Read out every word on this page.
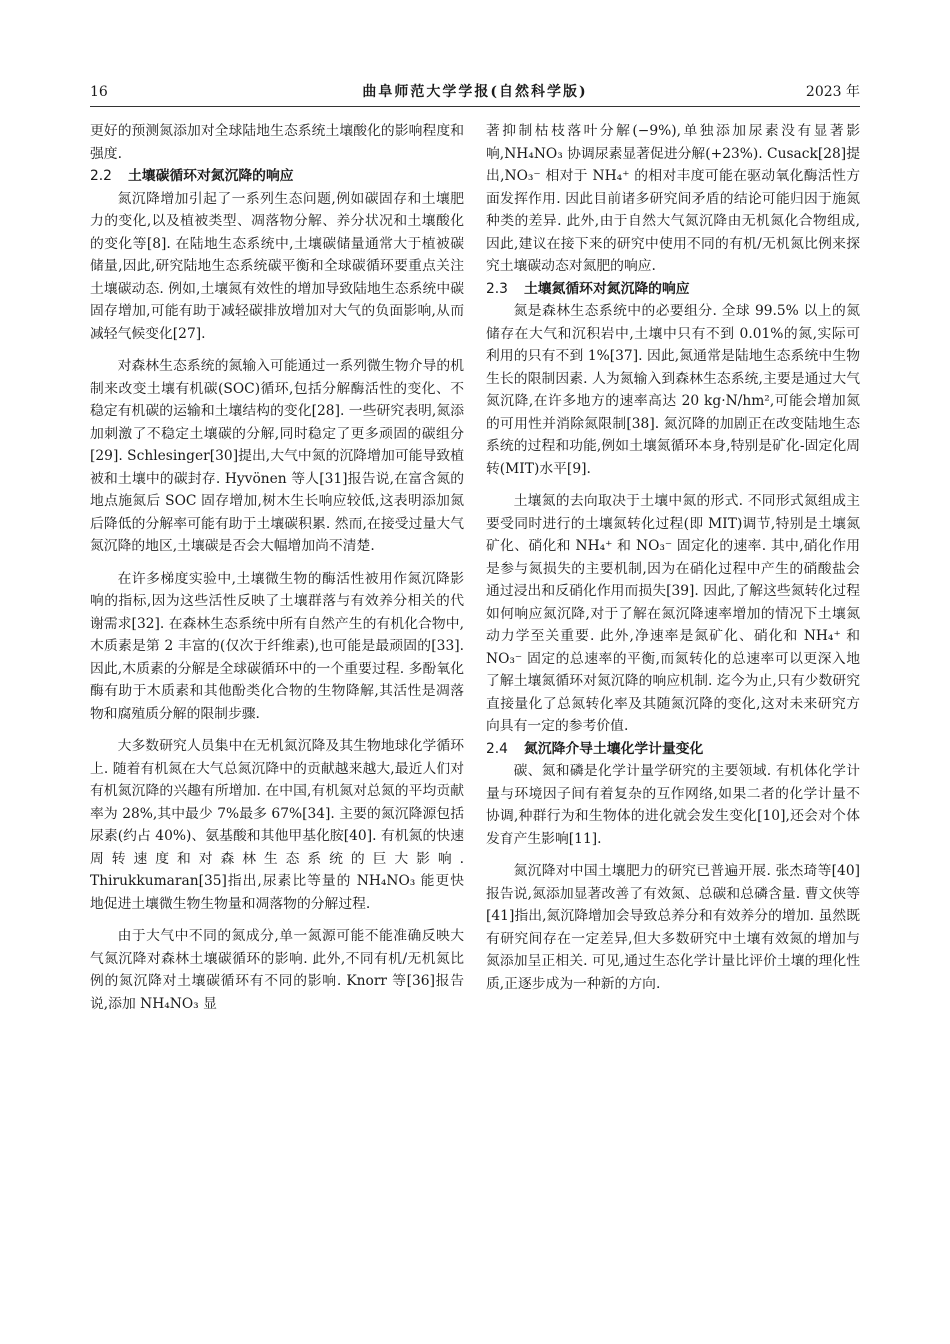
曲阜师范大学学报(自然科学版)
16	2023 年

更好的预测氮添加对全球陆地生态系统土壤酸化的影响程度和强度.

2.2 土壤碳循环对氮沉降的响应

氮沉降增加引起了一系列生态问题,例如碳固存和土壤肥力的变化,以及植被类型、凋落物分解、养分状况和土壤酸化的变化等[8]. 在陆地生态系统中,土壤碳储量通常大于植被碳储量,因此,研究陆地生态系统碳平衡和全球碳循环要重点关注土壤碳动态. 例如,土壤氮有效性的增加导致陆地生态系统中碳固存增加,可能有助于减轻碳排放增加对大气的负面影响,从而减轻气候变化[27].

对森林生态系统的氮输入可能通过一系列微生物介导的机制来改变土壤有机碳(SOC)循环,包括分解酶活性的变化、不稳定有机碳的运输和土壤结构的变化[28]. 一些研究表明,氮添加刺激了不稳定土壤碳的分解,同时稳定了更多顽固的碳组分[29]. Schlesinger[30]提出,大气中氮的沉降增加可能导致植被和土壤中的碳封存. Hyvönen 等人[31]报告说,在富含氮的地点施氮后 SOC 固存增加,树木生长响应较低,这表明添加氮后降低的分解率可能有助于土壤碳积累. 然而,在接受过量大气氮沉降的地区,土壤碳是否会大幅增加尚不清楚.

在许多梯度实验中,土壤微生物的酶活性被用作氮沉降影响的指标,因为这些活性反映了土壤群落与有效养分相关的代谢需求[32]. 在森林生态系统中所有自然产生的有机化合物中,木质素是第 2 丰富的(仅次于纤维素),也可能是最顽固的[33]. 因此,木质素的分解是全球碳循环中的一个重要过程. 多酚氧化酶有助于木质素和其他酚类化合物的生物降解,其活性是凋落物和腐殖质分解的限制步骤.

大多数研究人员集中在无机氮沉降及其生物地球化学循环上. 随着有机氮在大气总氮沉降中的贡献越来越大,最近人们对有机氮沉降的兴趣有所增加. 在中国,有机氮对总氮的平均贡献率为 28%,其中最少 7%最多 67%[34]. 主要的氮沉降源包括尿素(约占 40%)、氨基酸和其他甲基化胺[40]. 有机氮的快速周转速度和对森林生态系统的巨大影响. Thirukkumaran[35]指出,尿素比等量的 NH₄NO₃ 能更快地促进土壤微生物生物量和凋落物的分解过程.

由于大气中不同的氮成分,单一氮源可能不能准确反映大气氮沉降对森林土壤碳循环的影响. 此外,不同有机/无机氮比例的氮沉降对土壤碳循环有不同的影响. Knorr 等[36]报告说,添加 NH₄NO₃ 显

著抑制枯枝落叶分解(−9%),单独添加尿素没有显著影响,NH₄NO₃ 协调尿素显著促进分解(+23%). Cusack[28]提出,NO₃⁻ 相对于 NH₄⁺ 的相对丰度可能在驱动氧化酶活性方面发挥作用. 因此目前诸多研究间矛盾的结论可能归因于施氮种类的差异. 此外,由于自然大气氮沉降由无机氮化合物组成,因此,建议在接下来的研究中使用不同的有机/无机氮比例来探究土壤碳动态对氮肥的响应.

2.3 土壤氮循环对氮沉降的响应

氮是森林生态系统中的必要组分. 全球 99.5% 以上的氮储存在大气和沉积岩中,土壤中只有不到 0.01%的氮,实际可利用的只有不到 1%[37]. 因此,氮通常是陆地生态系统中生物生长的限制因素. 人为氮输入到森林生态系统,主要是通过大气氮沉降,在许多地方的速率高达 20 kg·N/hm²,可能会增加氮的可用性并消除氮限制[38]. 氮沉降的加剧正在改变陆地生态系统的过程和功能,例如土壤氮循环本身,特别是矿化-固定化周转(MIT)水平[9].

土壤氮的去向取决于土壤中氮的形式. 不同形式氮组成主要受同时进行的土壤氮转化过程(即 MIT)调节,特别是土壤氮矿化、硝化和 NH₄⁺ 和 NO₃⁻ 固定化的速率. 其中,硝化作用是参与氮损失的主要机制,因为在硝化过程中产生的硝酸盐会通过浸出和反硝化作用而损失[39]. 因此,了解这些氮转化过程如何响应氮沉降,对于了解在氮沉降速率增加的情况下土壤氮动力学至关重要. 此外,净速率是氮矿化、硝化和 NH₄⁺ 和 NO₃⁻ 固定的总速率的平衡,而氮转化的总速率可以更深入地了解土壤氮循环对氮沉降的响应机制. 迄今为止,只有少数研究直接量化了总氮转化率及其随氮沉降的变化,这对未来研究方向具有一定的参考价值.

2.4 氮沉降介导土壤化学计量变化

碳、氮和磷是化学计量学研究的主要领域. 有机体化学计量与环境因子间有着复杂的互作网络,如果二者的化学计量不协调,种群行为和生物体的进化就会发生变化[10],还会对个体发育产生影响[11].

氮沉降对中国土壤肥力的研究已普遍开展. 张杰琦等[40]报告说,氮添加显著改善了有效氮、总碳和总磷含量. 曹文侠等[41]指出,氮沉降增加会导致总养分和有效养分的增加. 虽然既有研究间存在一定差异,但大多数研究中土壤有效氮的增加与氮添加呈正相关. 可见,通过生态化学计量比评价土壤的理化性质,正逐步成为一种新的方向.
